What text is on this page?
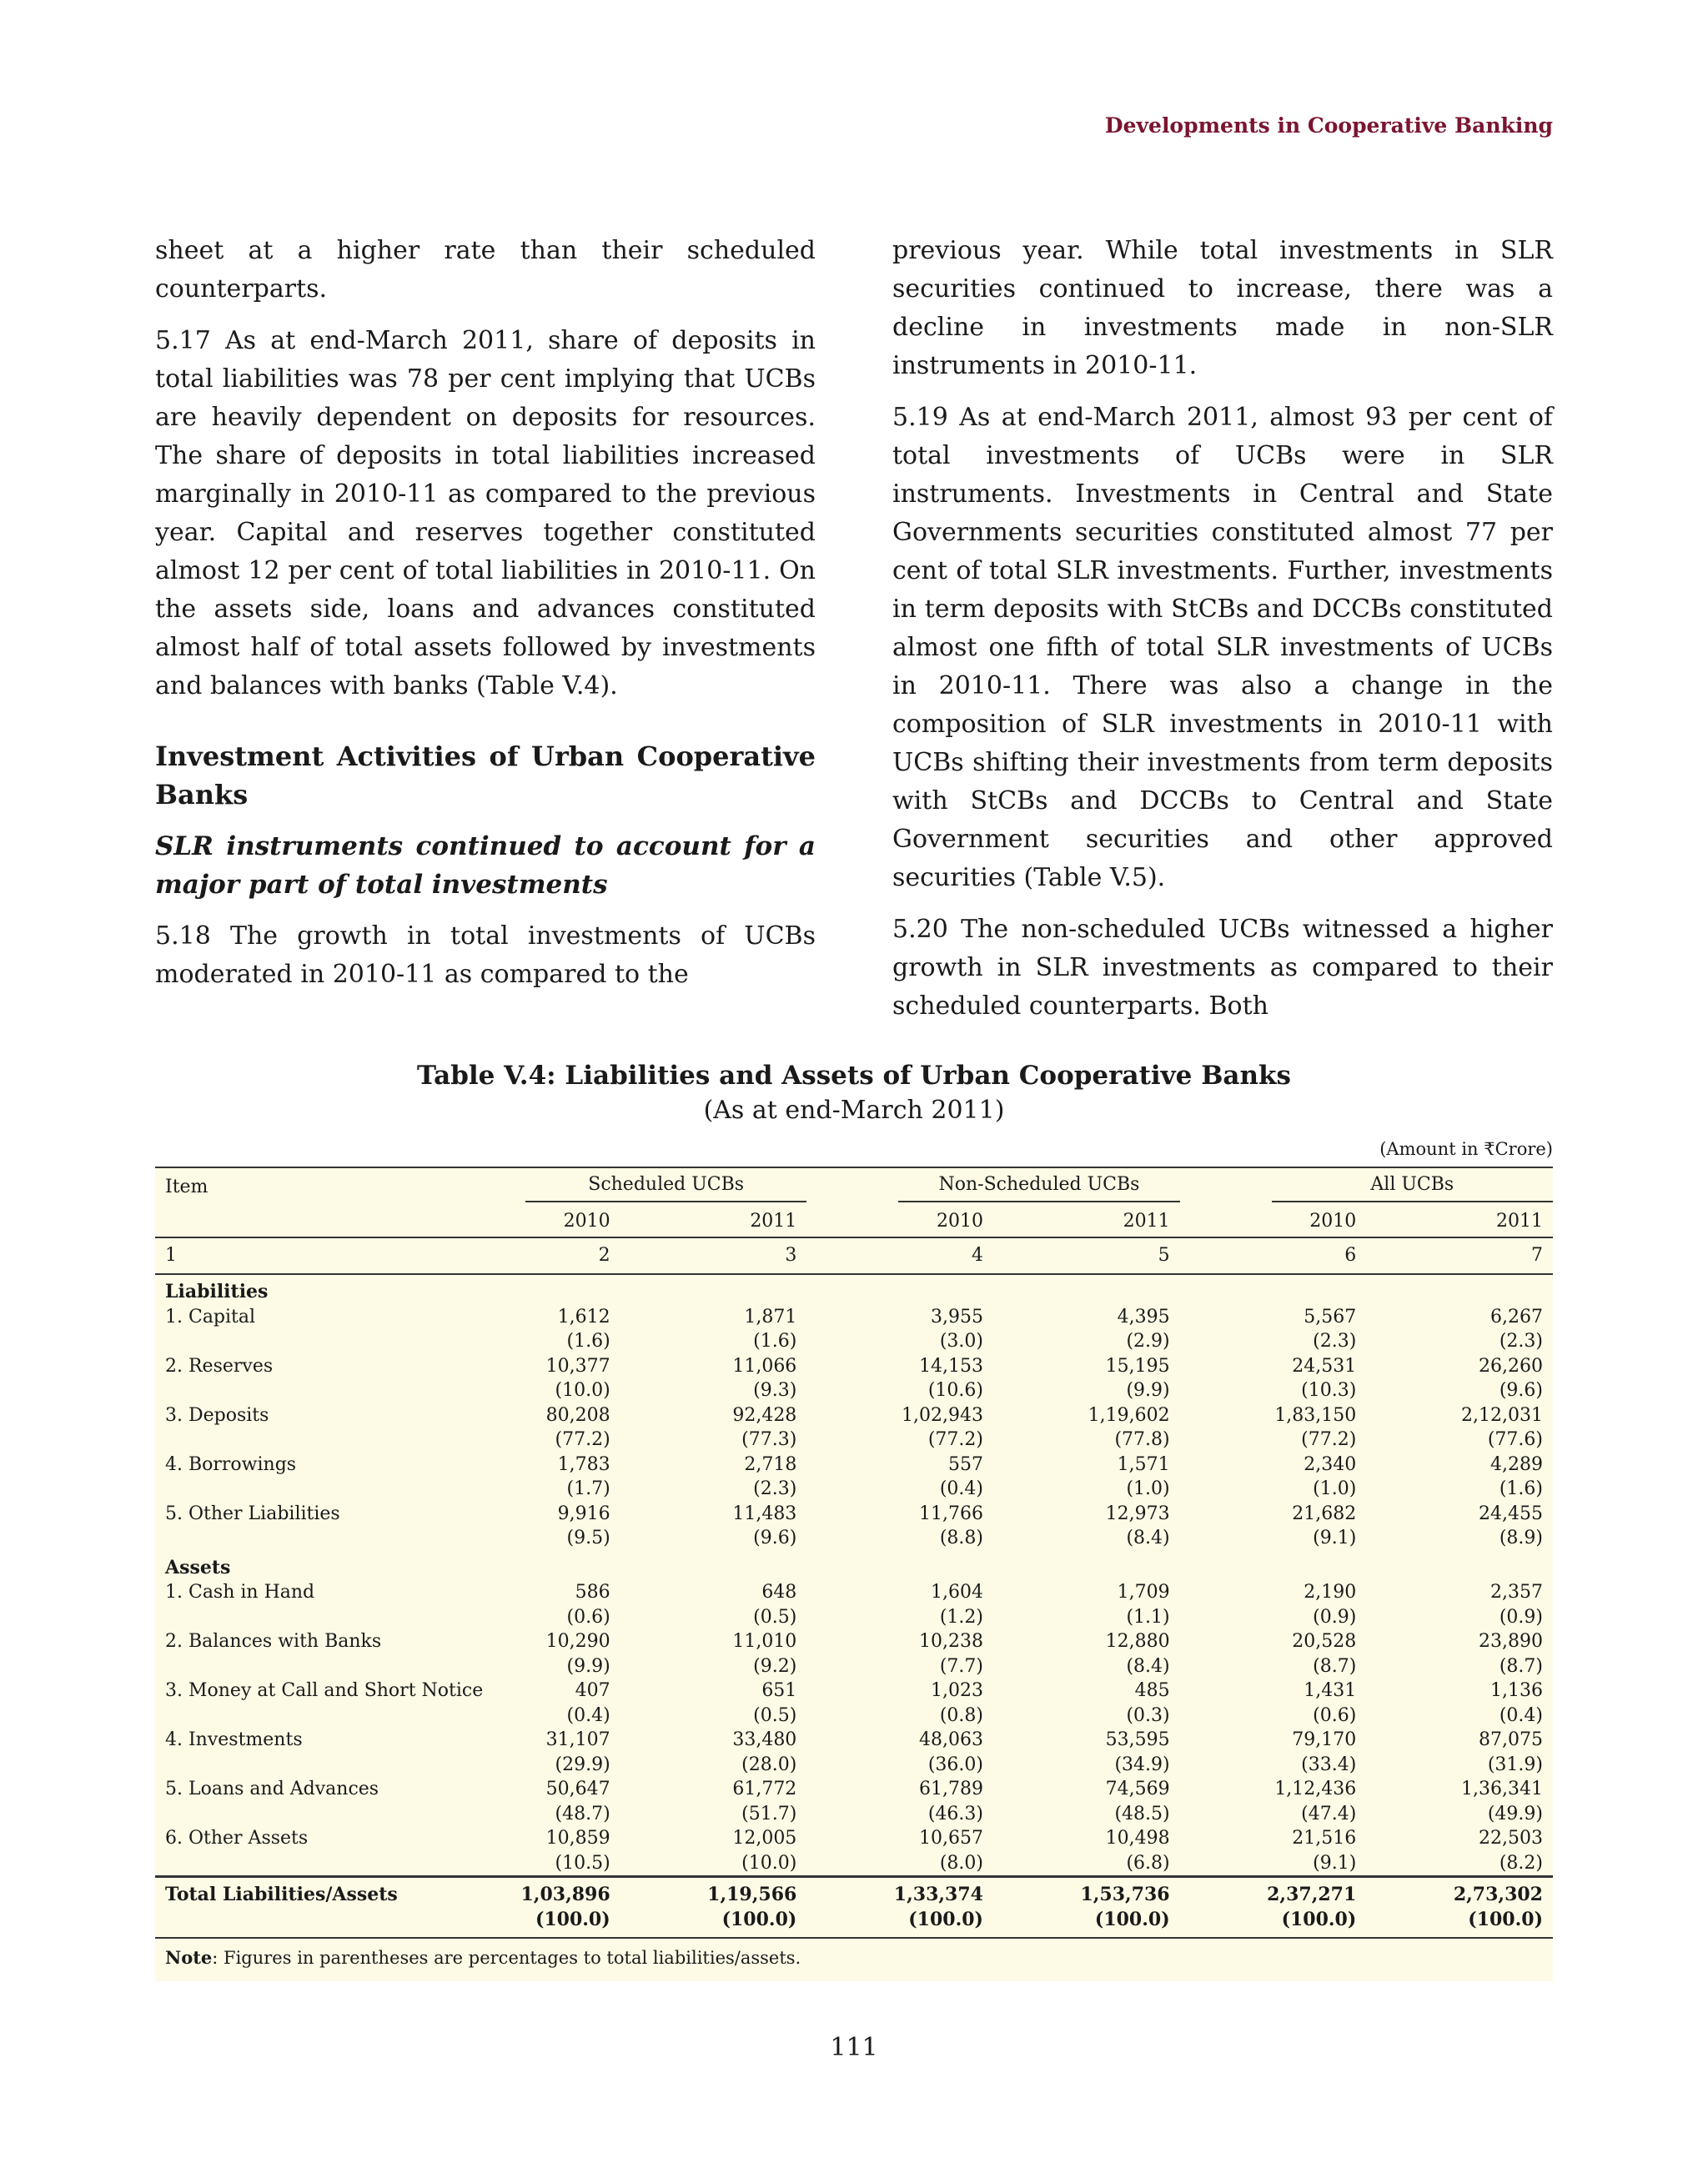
Developments in Cooperative Banking

sheet at a higher rate than their scheduled counterparts.

5.17 As at end-March 2011, share of deposits in total liabilities was 78 per cent implying that UCBs are heavily dependent on deposits for resources. The share of deposits in total liabilities increased marginally in 2010-11 as compared to the previous year. Capital and reserves together constituted almost 12 per cent of total liabilities in 2010-11. On the assets side, loans and advances constituted almost half of total assets followed by investments and balances with banks (Table V.4).

Investment Activities of Urban Cooperative Banks
SLR instruments continued to account for a major part of total investments

5.18 The growth in total investments of UCBs moderated in 2010-11 as compared to the

previous year. While total investments in SLR securities continued to increase, there was a decline in investments made in non-SLR instruments in 2010-11.

5.19 As at end-March 2011, almost 93 per cent of total investments of UCBs were in SLR instruments. Investments in Central and State Governments securities constituted almost 77 per cent of total SLR investments. Further, investments in term deposits with StCBs and DCCBs constituted almost one fifth of total SLR investments of UCBs in 2010-11. There was also a change in the composition of SLR investments in 2010-11 with UCBs shifting their investments from term deposits with StCBs and DCCBs to Central and State Government securities and other approved securities (Table V.5).

5.20 The non-scheduled UCBs witnessed a higher growth in SLR investments as compared to their scheduled counterparts. Both

Table V.4: Liabilities and Assets of Urban Cooperative Banks
(As at end-March 2011)
(Amount in ₹Crore)
Item	Scheduled UCBs		Non-Scheduled UCBs		All UCBs	

	2010	2011	2010	2011	2010	2011
1	2	3	4	5	6	7
Liabilities						
1. Capital	1,612	1,871	3,955	4,395	5,567	6,267
	(1.6)	(1.6)	(3.0)	(2.9)	(2.3)	(2.3)
2. Reserves	10,377	11,066	14,153	15,195	24,531	26,260
	(10.0)	(9.3)	(10.6)	(9.9)	(10.3)	(9.6)
3. Deposits	80,208	92,428	1,02,943	1,19,602	1,83,150	2,12,031
	(77.2)	(77.3)	(77.2)	(77.8)	(77.2)	(77.6)
4. Borrowings	1,783	2,718	557	1,571	2,340	4,289
	(1.7)	(2.3)	(0.4)	(1.0)	(1.0)	(1.6)
5. Other Liabilities	9,916	11,483	11,766	12,973	21,682	24,455
	(9.5)	(9.6)	(8.8)	(8.4)	(9.1)	(8.9)
Assets						
1. Cash in Hand	586	648	1,604	1,709	2,190	2,357
	(0.6)	(0.5)	(1.2)	(1.1)	(0.9)	(0.9)
2. Balances with Banks	10,290	11,010	10,238	12,880	20,528	23,890
	(9.9)	(9.2)	(7.7)	(8.4)	(8.7)	(8.7)
3. Money at Call and Short Notice	407	651	1,023	485	1,431	1,136
	(0.4)	(0.5)	(0.8)	(0.3)	(0.6)	(0.4)
4. Investments	31,107	33,480	48,063	53,595	79,170	87,075
	(29.9)	(28.0)	(36.0)	(34.9)	(33.4)	(31.9)
5. Loans and Advances	50,647	61,772	61,789	74,569	1,12,436	1,36,341
	(48.7)	(51.7)	(46.3)	(48.5)	(47.4)	(49.9)
6. Other Assets	10,859	12,005	10,657	10,498	21,516	22,503
	(10.5)	(10.0)	(8.0)	(6.8)	(9.1)	(8.2)
Total Liabilities/Assets	1,03,896	1,19,566	1,33,374	1,53,736	2,37,271	2,73,302
	(100.0)	(100.0)	(100.0)	(100.0)	(100.0)	(100.0)
Note: Figures in parentheses are percentages to total liabilities/assets.
111
